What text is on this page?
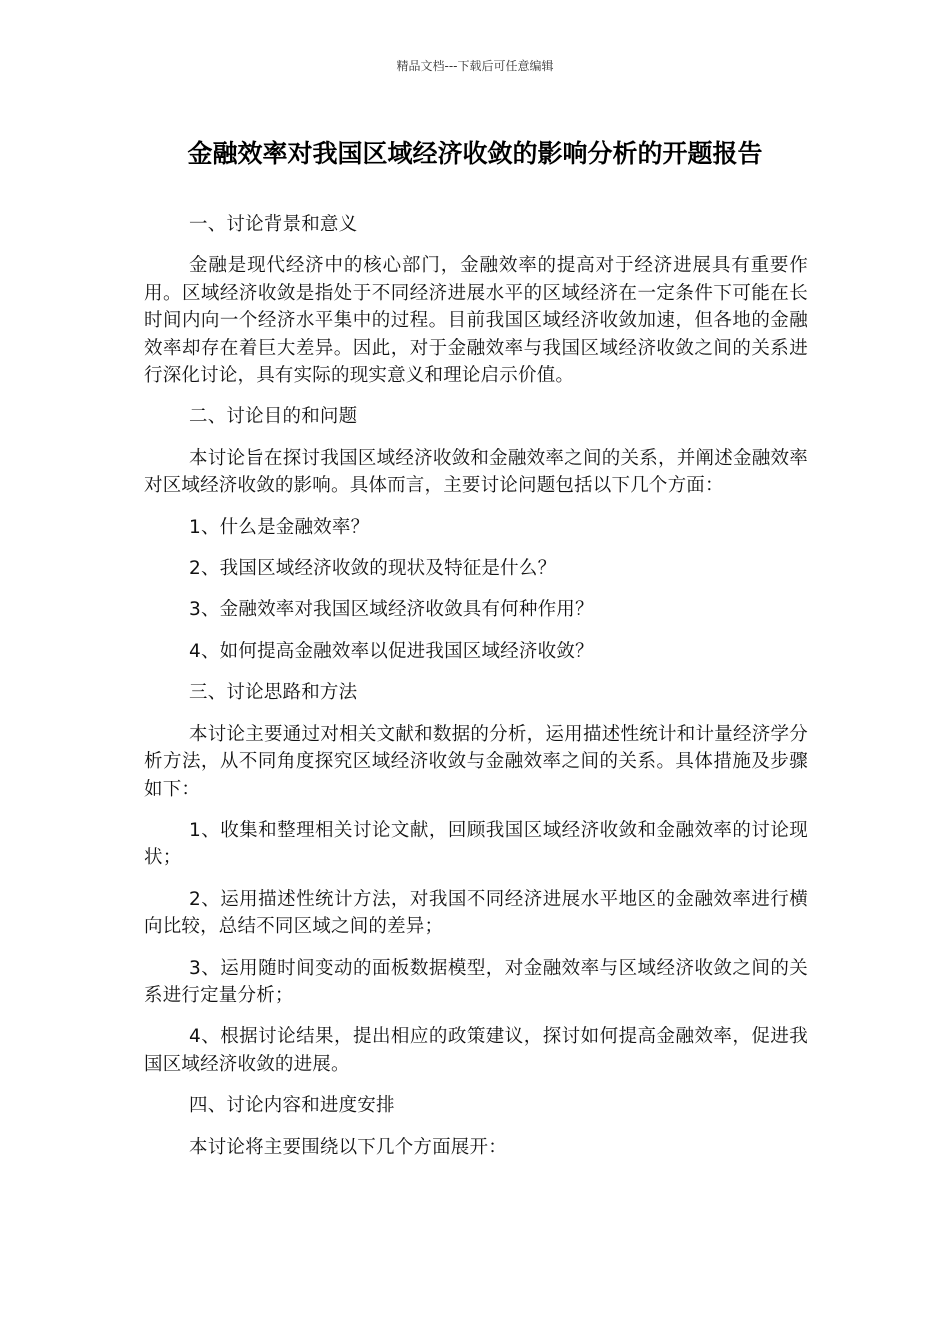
精品文档---下载后可任意编辑
金融效率对我国区域经济收敛的影响分析的开题报告

一、讨论背景和意义

金融是现代经济中的核心部门，金融效率的提高对于经济进展具有重要作用。区域经济收敛是指处于不同经济进展水平的区域经济在一定条件下可能在长时间内向一个经济水平集中的过程。目前我国区域经济收敛加速，但各地的金融效率却存在着巨大差异。因此，对于金融效率与我国区域经济收敛之间的关系进行深化讨论，具有实际的现实意义和理论启示价值。

二、讨论目的和问题

本讨论旨在探讨我国区域经济收敛和金融效率之间的关系，并阐述金融效率对区域经济收敛的影响。具体而言，主要讨论问题包括以下几个方面：

1、什么是金融效率？

2、我国区域经济收敛的现状及特征是什么？

3、金融效率对我国区域经济收敛具有何种作用？

4、如何提高金融效率以促进我国区域经济收敛？

三、讨论思路和方法

本讨论主要通过对相关文献和数据的分析，运用描述性统计和计量经济学分析方法，从不同角度探究区域经济收敛与金融效率之间的关系。具体措施及步骤如下：

1、收集和整理相关讨论文献，回顾我国区域经济收敛和金融效率的讨论现状；

2、运用描述性统计方法，对我国不同经济进展水平地区的金融效率进行横向比较，总结不同区域之间的差异；

3、运用随时间变动的面板数据模型，对金融效率与区域经济收敛之间的关系进行定量分析；

4、根据讨论结果，提出相应的政策建议，探讨如何提高金融效率，促进我国区域经济收敛的进展。

四、讨论内容和进度安排

本讨论将主要围绕以下几个方面展开：
